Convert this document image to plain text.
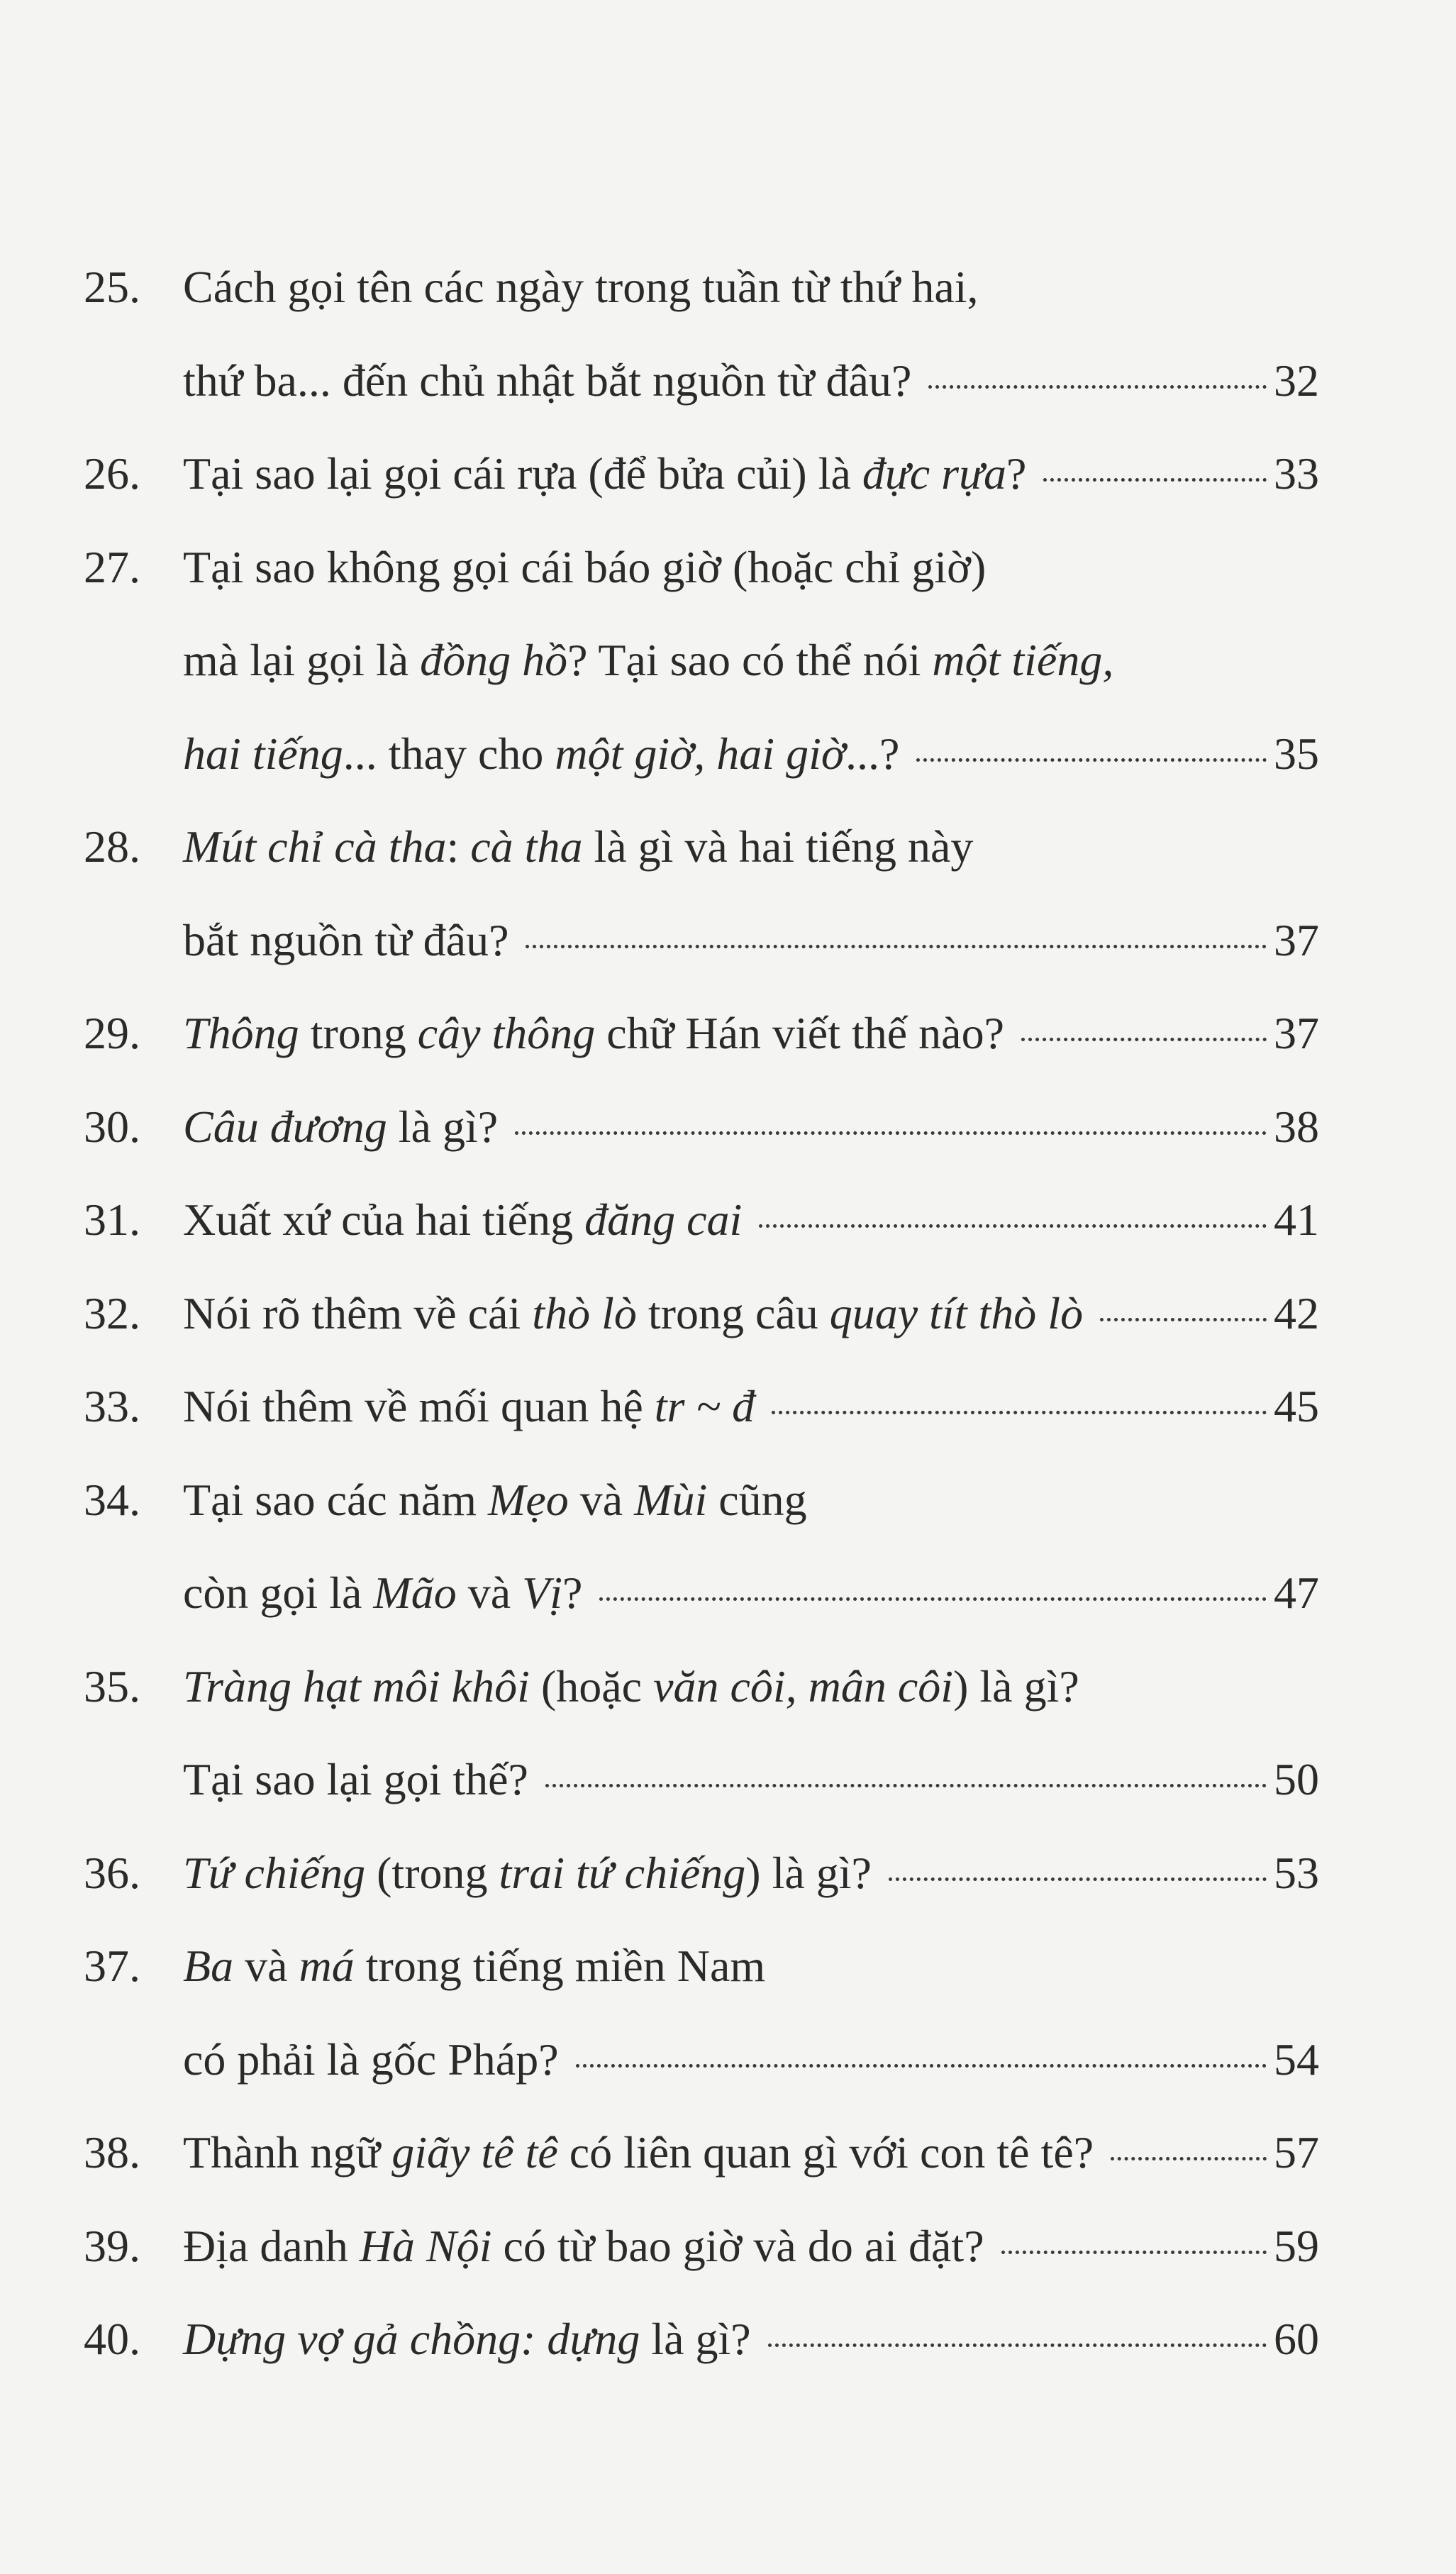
25. Cách gọi tên các ngày trong tuần từ thứ hai,
thứ ba... đến chủ nhật bắt nguồn từ đâu?	32
26. Tại sao lại gọi cái rựa (để bửa củi) là đực rựa?	33
27. Tại sao không gọi cái báo giờ (hoặc chỉ giờ)
mà lại gọi là đồng hồ? Tại sao có thể nói một tiếng,
hai tiếng... thay cho một giờ, hai giờ...?	35
28. Mút chỉ cà tha: cà tha là gì và hai tiếng này
bắt nguồn từ đâu?	37
29. Thông trong cây thông chữ Hán viết thế nào?	37
30. Câu đương là gì?	38
31. Xuất xứ của hai tiếng đăng cai	41
32. Nói rõ thêm về cái thò lò trong câu quay tít thò lò	42
33. Nói thêm về mối quan hệ tr ~ đ	45
34. Tại sao các năm Mẹo và Mùi cũng
còn gọi là Mão và Vị?	47
35. Tràng hạt môi khôi (hoặc văn côi, mân côi) là gì?
Tại sao lại gọi thế?	50
36. Tứ chiếng (trong trai tứ chiếng) là gì?	53
37. Ba và má trong tiếng miền Nam
có phải là gốc Pháp?	54
38. Thành ngữ giãy tê tê có liên quan gì với con tê tê?	57
39. Địa danh Hà Nội có từ bao giờ và do ai đặt?	59
40. Dựng vợ gả chồng: dựng là gì?	60
